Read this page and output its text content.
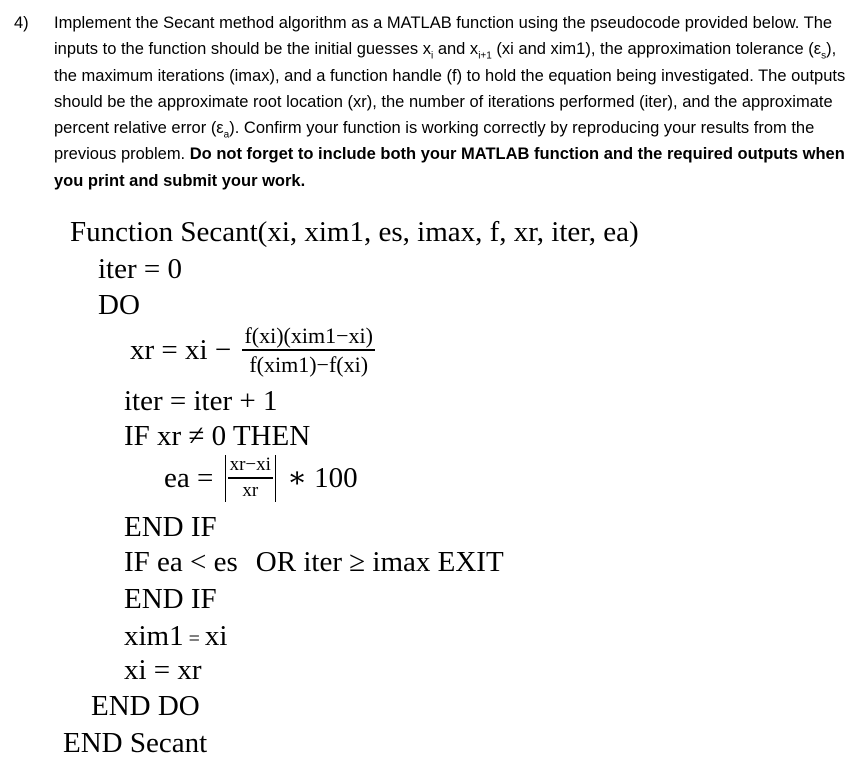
4) Implement the Secant method algorithm as a MATLAB function using the pseudocode provided below. The inputs to the function should be the initial guesses $x_i$ and $x_{i+1}$ (xi and xim1), the approximation tolerance $(\varepsilon_s)$, the maximum iterations (imax), and a function handle (f) to hold the equation being investigated. The outputs should be the approximate root location (xr), the number of iterations performed (iter), and the approximate percent relative error $(\varepsilon_a)$. Confirm your function is working correctly by reproducing your results from the previous problem. Do not forget to include both your MATLAB function and the required outputs when you print and submit your work.
Function Secant(xi, xim1, es, imax, f, xr, iter, ea)
iter = 0
DO
xr = xi − $\frac{\text{f(xi)(xim1−xi)}}{\text{f(xim1)−f(xi)}}$
iter = iter + 1
IF xr ≠ 0 THEN
ea = $\frac{xr-xi}{xr}$ ∗ 100
END IF
IF ea < es OR iter ≥ imax EXIT
END IF
xim1 = xi
xi = xr
END DO
END Secant
